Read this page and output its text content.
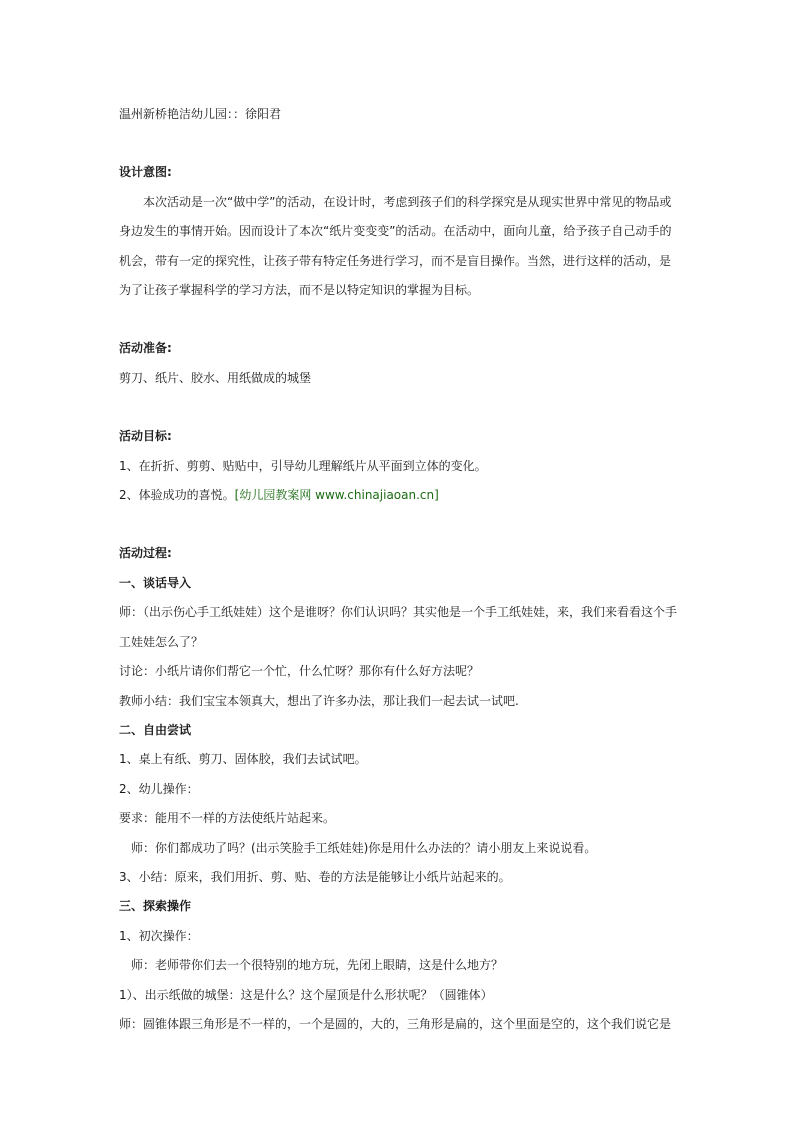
温州新桥艳洁幼儿园：：徐阳君

设计意图:

本次活动是一次“做中学”的活动，在设计时，考虑到孩子们的科学探究是从现实世界中常见的物品或身边发生的事情开始。因而设计了本次“纸片变变变”的活动。在活动中，面向儿童，给予孩子自己动手的机会，带有一定的探究性，让孩子带有特定任务进行学习，而不是盲目操作。当然，进行这样的活动，是为了让孩子掌握科学的学习方法，而不是以特定知识的掌握为目标。

活动准备:

剪刀、纸片、胶水、用纸做成的城堡

活动目标:

1、在折折、剪剪、贴贴中，引导幼儿理解纸片从平面到立体的变化。

2、体验成功的喜悦。[幼儿园教案网 www.chinajiaoan.cn]

活动过程:

一、谈话导入

师：（出示伤心手工纸娃娃）这个是谁呀？你们认识吗？其实他是一个手工纸娃娃，来，我们来看看这个手工娃娃怎么了？

讨论：小纸片请你们帮它一个忙，什么忙呀？那你有什么好方法呢？

教师小结：我们宝宝本领真大，想出了许多办法，那让我们一起去试一试吧.

二、自由尝试

1、桌上有纸、剪刀、固体胶，我们去试试吧。

2、幼儿操作：

要求：能用不一样的方法使纸片站起来。

师：你们都成功了吗？(出示笑脸手工纸娃娃)你是用什么办法的？请小朋友上来说说看。

3、小结：原来，我们用折、剪、贴、卷的方法是能够让小纸片站起来的。

三、探索操作

1、初次操作：

师：老师带你们去一个很特别的地方玩，先闭上眼睛，这是什么地方？

1）、出示纸做的城堡：这是什么？这个屋顶是什么形状呢？（圆锥体）

师：圆锥体跟三角形是不一样的，一个是圆的，大的，三角形是扁的，这个里面是空的，这个我们说它是
